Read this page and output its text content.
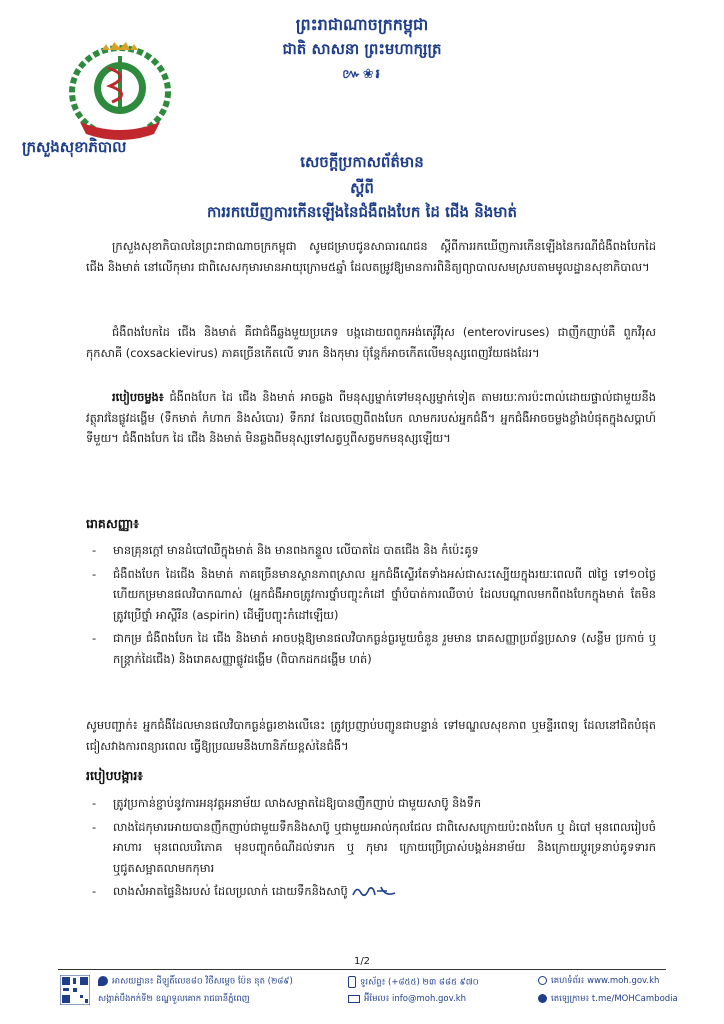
ក្រសួងសុខាភិបាល
ព្រះរាជាណាចក្រកម្ពុជា
ជាតិ សាសនា ព្រះមហាក្សត្រ
៚❀៛
សេចក្ដីប្រកាសព័ត៌មាន
ស្ដីពី
ការរកឃើញការកើនឡើងនៃជំងឺពងបែក ដៃ ជើង និងមាត់
ក្រសួងសុខាភិបាលនៃព្រះរាជាណាចក្រកម្ពុជា សូមជម្រាបជូនសាធារណជន ស្ដីពីការរកឃើញការកើនឡើងនៃករណីជំងឺពងបែកដៃ ជើង និងមាត់ នៅលើកុមារ ជាពិសេសកុមារមានអាយុក្រោម៥ឆ្នាំ ដែលតម្រូវឱ្យមានការពិនិត្យព្យាបាលសមស្របតាមមូលដ្ឋានសុខាភិបាល។
ជំងឺពងបែកដៃ ជើង និងមាត់ គឺជាជំងឺឆ្លងមួយប្រភេទ បង្កដោយពពួកអង់តេរ៉ូវីរុស (enteroviruses) ជាញឹកញាប់គឺ ពួកវីរុសកុកសាគី (coxsackievirus) ភាគច្រើនកើតលើ ទារក និងកុមារ ប៉ុន្តែក៏អាចកើតលើមនុស្សពេញវ័យផងដែរ។
របៀបចម្លង៖ ជំងឺពងបែក ដៃ ជើង និងមាត់ អាចឆ្លង ពីមនុស្សម្នាក់ទៅមនុស្សម្នាក់ទៀត តាមរយៈការប៉ះពាល់ដោយផ្ទាល់ជាមួយនឹងវត្ថុរាវនៃផ្លូវដង្ហើម (ទឹកមាត់ កំហាក និងសំបោរ) ទឹករាវ ដែលចេញពីពងបែក លាមករបស់អ្នកជំងឺ។ អ្នកជំងឺអាចចម្លងខ្លាំងបំផុតក្នុងសប្ដាហ៍ទីមួយ។ ជំងឺពងបែក ដៃ ជើង និងមាត់ មិនឆ្លងពីមនុស្សទៅសត្វឬពីសត្វមកមនុស្សឡើយ។
រោគសញ្ញា៖
- មានគ្រុនក្ដៅ មានដំបៅឈឺក្នុងមាត់ និង មានពងកន្ទួល លើបាតដៃ បាតជើង និង កំប៉េះគូទ
- ជំងឺពងបែក ដៃជើង និងមាត់ ភាគច្រើនមានស្ថានភាពស្រាល អ្នកជំងឺស្ទើរតែទាំងអស់ជាសះស្បើយក្នុងរយៈពេលពី ៧ថ្ងៃ ទៅ១០ថ្ងៃ ហើយកម្រមានផលវិបាកណាស់ (អ្នកជំងឺអាចត្រូវការថ្នាំបញ្ចុះកំដៅ ថ្នាំបំបាត់ការឈឺចាប់ ដែលបណ្ដាលមកពីពងបែកក្នុងមាត់ តែមិនត្រូវប្រើថ្នាំ អាស្ពីរីន (aspirin) ដើម្បីបញ្ចុះកំដៅឡើយ)
- ជាកម្រ ជំងឺពងបែក ដៃ ជើង និងមាត់ អាចបង្កឱ្យមានផលវិបាកធ្ងន់ធ្ងរមួយចំនួន រួមមាន រោគសញ្ញាប្រព័ន្ធប្រសាទ (សន្លឹម ប្រកាច់ ឬ កន្ត្រាក់ដៃជើង) និងរោគសញ្ញាផ្លូវដង្ហើម (ពិបាកដកដង្ហើម ហត់)
សូមបញ្ជាក់៖ អ្នកជំងឺដែលមានផលវិបាកធ្ងន់ធ្ងរខាងលើនេះ ត្រូវប្រញាប់បញ្ជូនជាបន្ទាន់ ទៅមណ្ឌលសុខភាព ឬមន្ទីរពេទ្យ ដែលនៅជិតបំផុត ជៀសវាងការពន្យារពេល ធ្វើឱ្យប្រឈមនឹងហានិភ័យខ្ពស់នៃជំងឺ។
របៀបបង្ការ៖
- ត្រូវប្រកាន់ខ្ជាប់នូវការអនុវត្តអនាម័យ លាងសម្អាតដៃឱ្យបានញឹកញាប់ ជាមួយសាប៊ូ និងទឹក
- លាងដៃកុមារអោយបានញឹកញាប់ជាមួយទឹកនិងសាប៊ូ ឬជាមួយអាល់កុលជែល ជាពិសេសក្រោយប៉ះពងបែក ឬ ដំបៅ មុនពេលរៀបចំអាហារ មុនពេលបរិភោគ មុនបញ្ចុកចំណីដល់ទារក ឬ កុមារ ក្រោយប្រើប្រាស់បង្គន់អនាម័យ និងក្រោយប្ដូរទ្រនាប់គូទទារក ឬជូតសម្អាតលាមកកុមារ
- លាងសំអាតផ្ទៃនិងរបស់ ដែលប្រលាក់ ដោយទឹកនិងសាប៊ូ
1/2
អាសយដ្ឋាន៖ ដីឡូតិ៍លេខ៨០ វិថីសម្ដេច ប៉ែន នុត (២៨៩)
សង្កាត់បឹងកក់ទី២ ខណ្ឌទួលគោក រាជធានីភ្នំពេញ
ទូរស័ព្ទ៖ (+៨៥៥) ២៣ ៨៨៥ ៩៧០
អ៊ីមែល៖ info@moh.gov.kh
គេហទំព័រ៖ www.moh.gov.kh
តេឡេក្រាម៖ t.me/MOHCambodia
